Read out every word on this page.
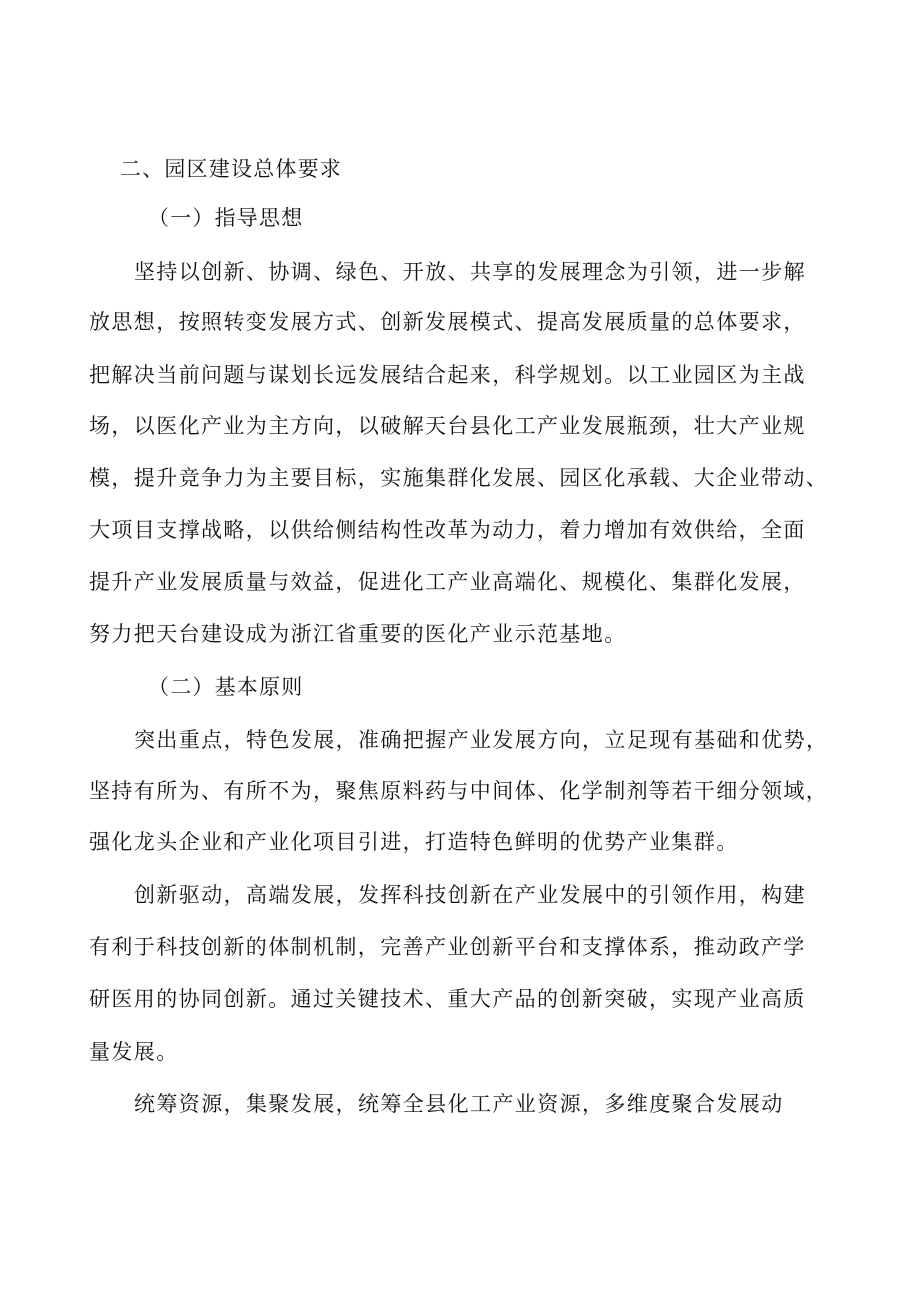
二、园区建设总体要求
（一）指导思想
坚持以创新、协调、绿色、开放、共享的发展理念为引领，进一步解
放思想，按照转变发展方式、创新发展模式、提高发展质量的总体要求，
把解决当前问题与谋划长远发展结合起来，科学规划。以工业园区为主战
场，以医化产业为主方向，以破解天台县化工产业发展瓶颈，壮大产业规
模，提升竞争力为主要目标，实施集群化发展、园区化承载、大企业带动、
大项目支撑战略，以供给侧结构性改革为动力，着力增加有效供给，全面
提升产业发展质量与效益，促进化工产业高端化、规模化、集群化发展，
努力把天台建设成为浙江省重要的医化产业示范基地。
（二）基本原则
突出重点，特色发展，准确把握产业发展方向，立足现有基础和优势，
坚持有所为、有所不为，聚焦原料药与中间体、化学制剂等若干细分领域，
强化龙头企业和产业化项目引进，打造特色鲜明的优势产业集群。
创新驱动，高端发展，发挥科技创新在产业发展中的引领作用，构建
有利于科技创新的体制机制，完善产业创新平台和支撑体系，推动政产学
研医用的协同创新。通过关键技术、重大产品的创新突破，实现产业高质
量发展。
统筹资源，集聚发展，统筹全县化工产业资源，多维度聚合发展动
